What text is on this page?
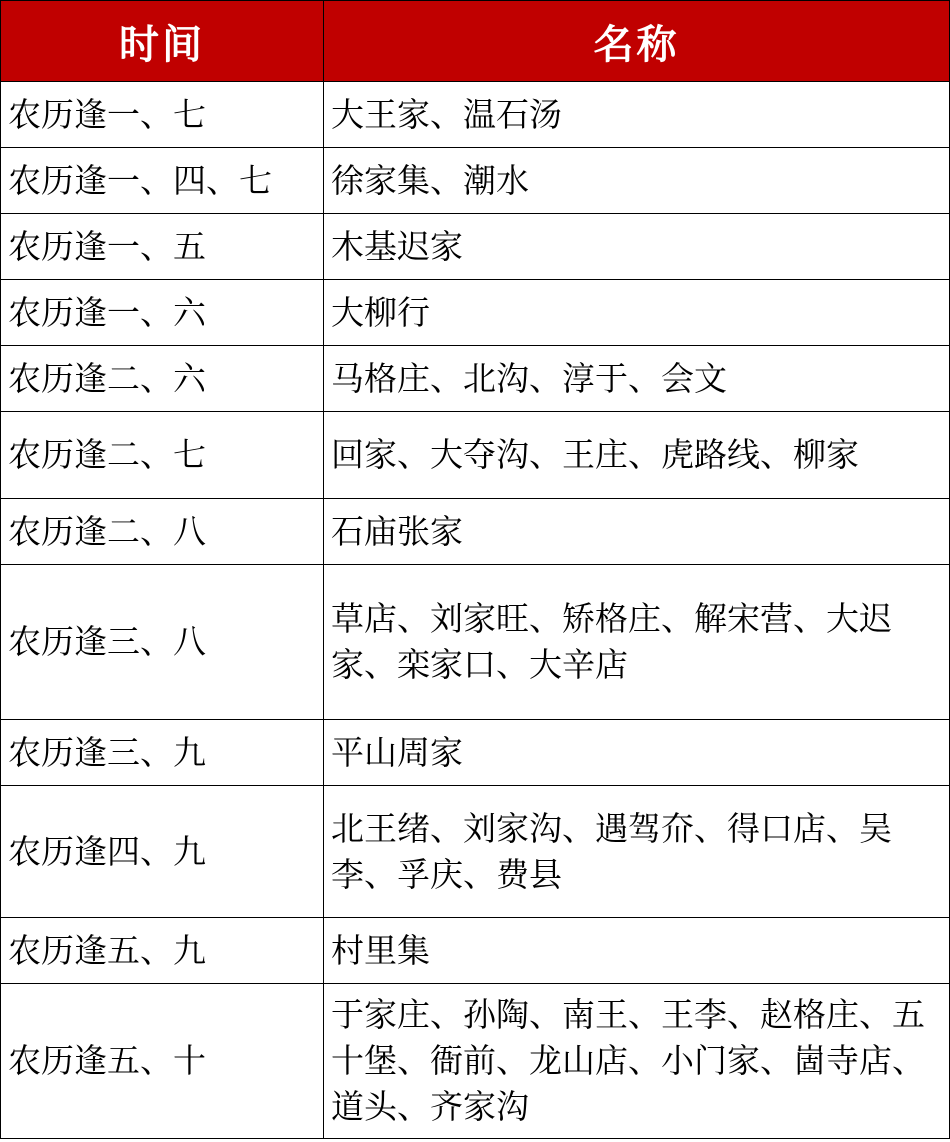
时间	名称
农历逢一、七	大王家、温石汤
农历逢一、四、七	徐家集、潮水
农历逢一、五	木基迟家
农历逢一、六	大柳行
农历逢二、六	马格庄、北沟、淳于、会文
农历逢二、七	回家、大夺沟、王庄、虎路线、柳家
农历逢二、八	石庙张家
农历逢三、八	草店、刘家旺、矫格庄、解宋营、大迟家、栾家口、大辛店
农历逢三、九	平山周家
农历逢四、九	北王绪、刘家沟、遇驾夼、得口店、吴李、孚庆、费县
农历逢五、九	村里集
农历逢五、十	于家庄、孙陶、南王、王李、赵格庄、五十堡、衙前、龙山店、小门家、崮寺店、道头、齐家沟
